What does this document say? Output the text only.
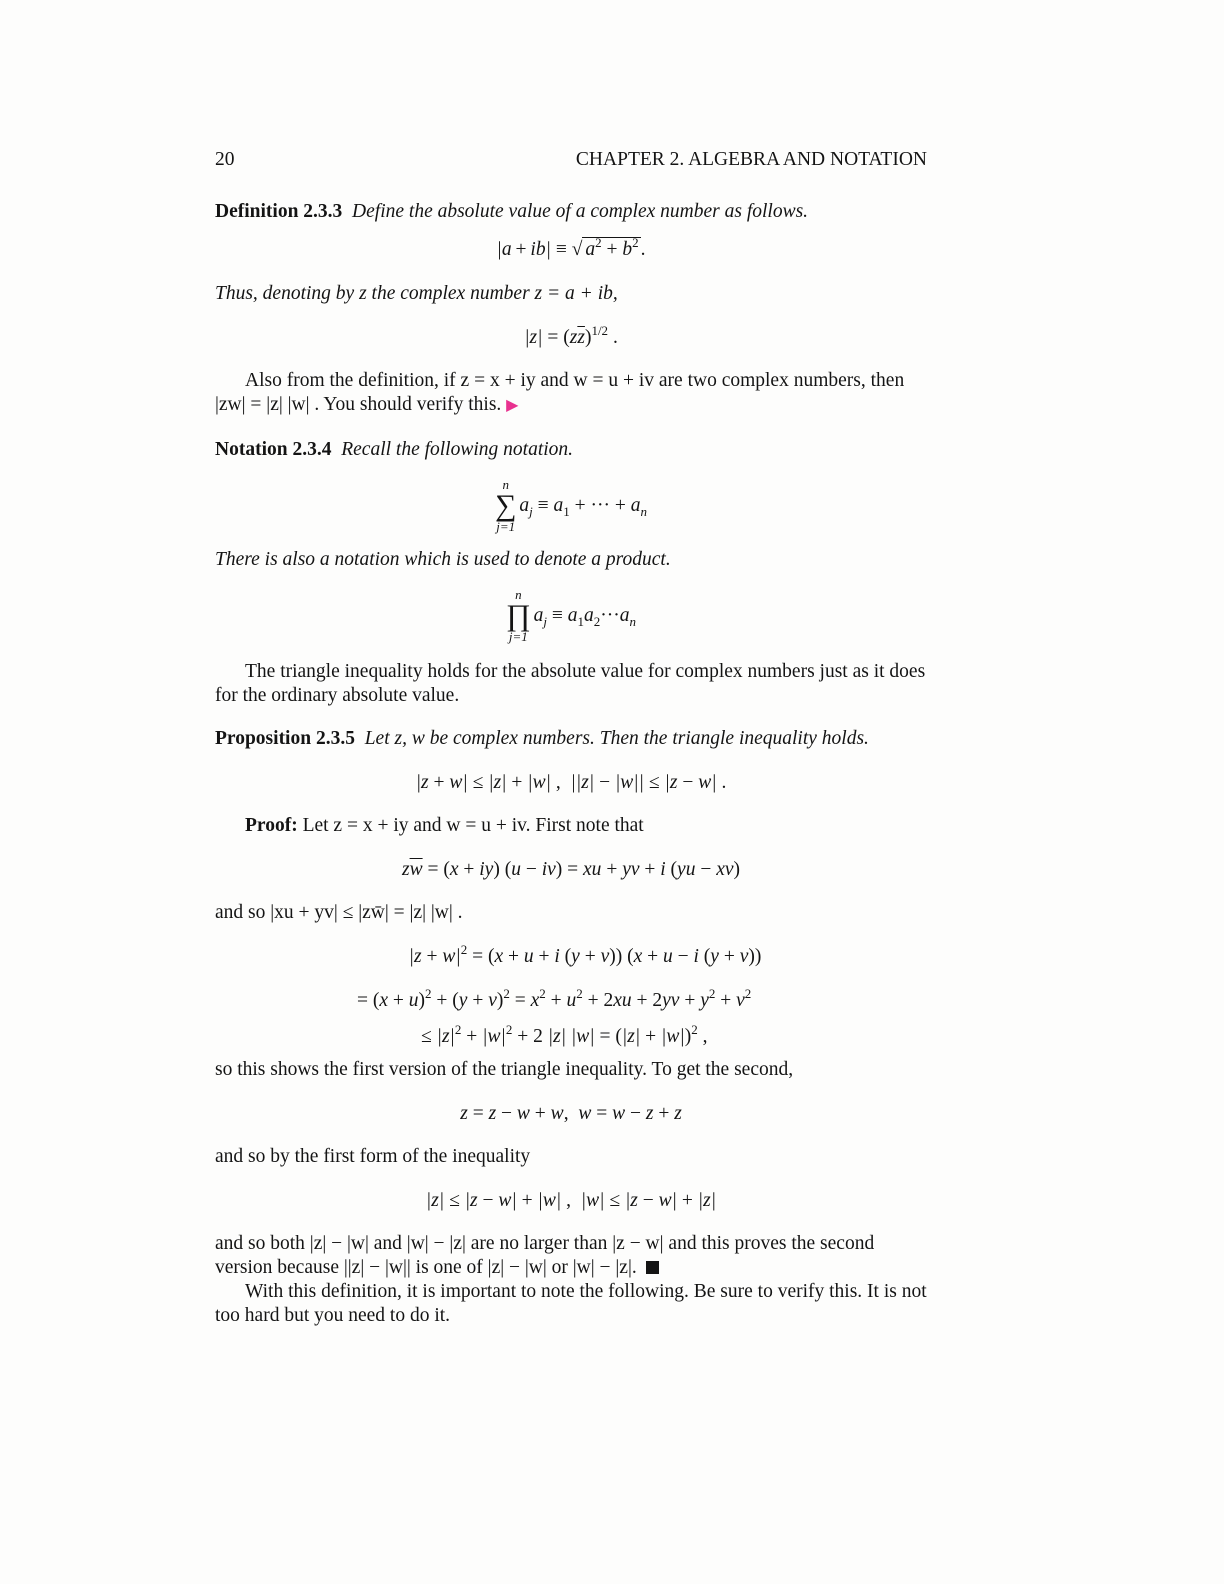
20	CHAPTER 2. ALGEBRA AND NOTATION

Definition 2.3.3 Define the absolute value of a complex number as follows.

|a  + ib| ≡ √ $a^2 + b^2$ .

Thus, denoting by z the complex number z = a + ib,

$|z| = (z\overline{z})^{1/2}$ .

Also from the definition, if z = x + iy and w = u + iv are two complex numbers, then
|zw| = |z| |w| . You should verify this. ▶

Notation 2.3.4 Recall the following notation.

n
∑
j=1
$a_j \equiv a_1$ + ··· + $a_n$

There is also a notation which is used to denote a product.

n
∏
j=1
$a_j \equiv a_1a_2\cdot\cdot\cdot a_n$

The triangle inequality holds for the absolute value for complex numbers just as it does
for the ordinary absolute value.

Proposition 2.3.5 Let z, w be complex numbers. Then the triangle inequality holds.

|z + w| ≤ |z| + |w| ,  ||z| − |w|| ≤ |z − w| .

Proof: Let z = x + iy and w = u + iv. First note that

$z\overline{w} = (x + iy) (u - iv)$ = xu + yv + i (yu − xv)

and so |xu + yv| ≤ |zw̄| = |z| |w| .

$|z + w|^2 = (x + u + i$ (y + v)) (x + u − i (y + v))
= $(x + u)^2 + (y + v)^2 = x^2 + u^2 + 2xu + 2yv + y^2 + v^2$
≤ $|z|^2 + |w|^2 + 2$ |z| $|w| = (|z| + |w|)^2$ ,

so this shows the first version of the triangle inequality. To get the second,

z = z − w + w,  w = w − z + z

and so by the first form of the inequality

|z| ≤ |z − w| + |w| ,  |w| ≤ |z − w| + |z|

and so both |z| − |w| and |w| − |z| are no larger than |z − w| and this proves the second
version because ||z| − |w|| is one of |z| − |w| or |w| − |z|.

With this definition, it is important to note the following. Be sure to verify this. It is not
too hard but you need to do it.
